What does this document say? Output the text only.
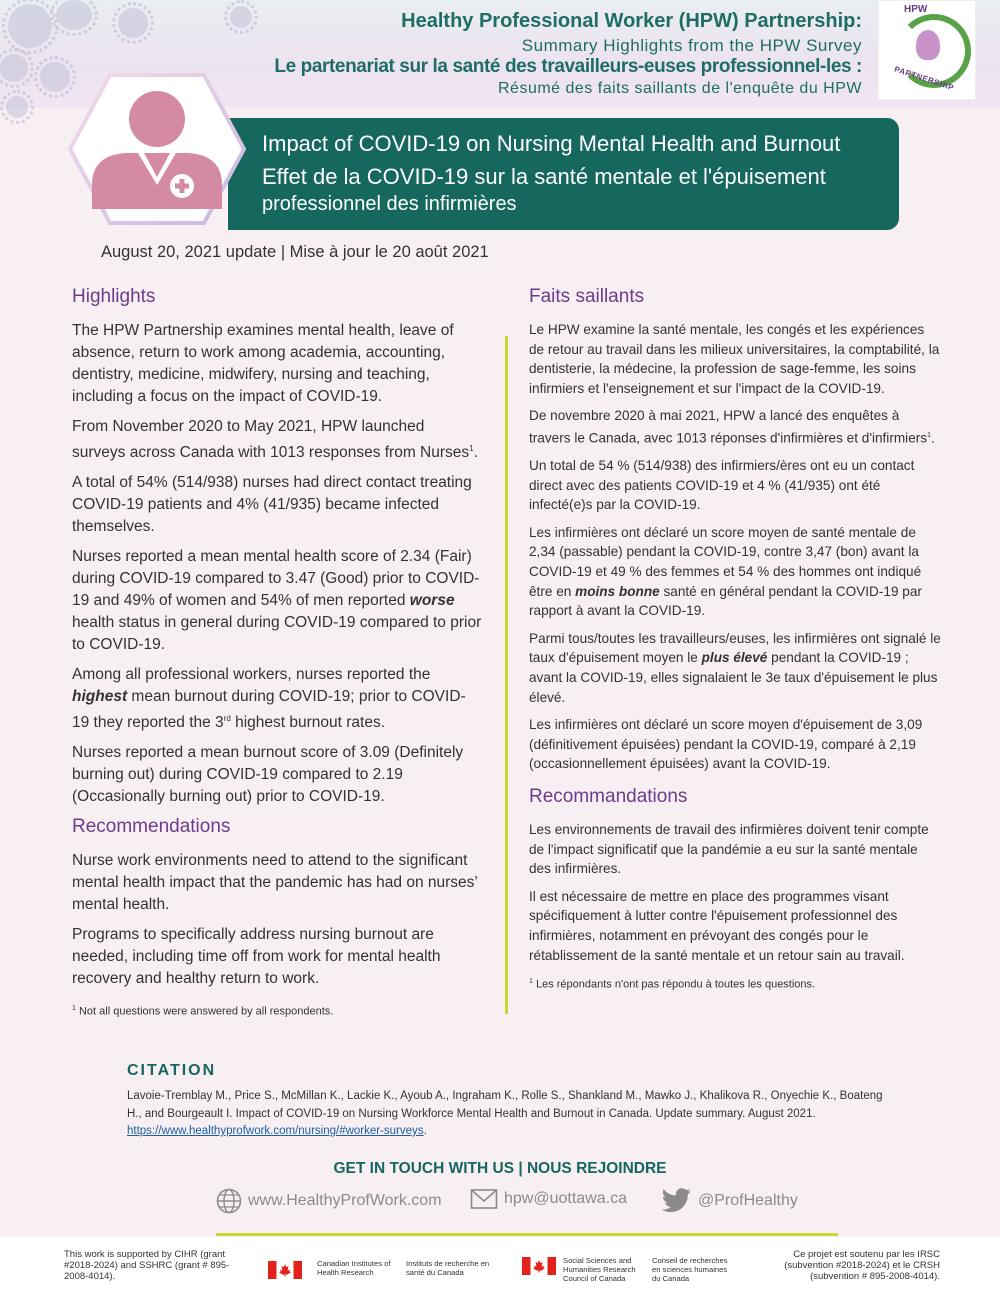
Healthy Professional Worker (HPW) Partnership:
Summary Highlights from the HPW Survey
Le partenariat sur la santé des travailleurs-euses professionnel-les :
Résumé des faits saillants de l'enquête du HPW
HPW
PARTNERSHIP
Impact of COVID-19 on Nursing Mental Health and Burnout
Effet de la COVID-19 sur la santé mentale et l'épuisement
professionnel des infirmières
August 20, 2021 update | Mise à jour le 20 août 2021
Highlights

The HPW Partnership examines mental health, leave of absence, return to work among academia, accounting, dentistry, medicine, midwifery, nursing and teaching, including a focus on the impact of COVID-19.

From November 2020 to May 2021, HPW launched surveys across Canada with 1013 responses from Nurses$^1$.

A total of 54% (514/938) nurses had direct contact treating COVID-19 patients and 4% (41/935) became infected themselves.

Nurses reported a mean mental health score of 2.34 (Fair) during COVID-19 compared to 3.47 (Good) prior to COVID-19 and 49% of women and 54% of men reported worse health status in general during COVID-19 compared to prior to COVID-19.

Among all professional workers, nurses reported the highest mean burnout during COVID-19; prior to COVID-19 they reported the 3rd highest burnout rates.

Nurses reported a mean burnout score of 3.09 (Definitely burning out) during COVID-19 compared to 2.19 (Occasionally burning out) prior to COVID-19.

Recommendations

Nurse work environments need to attend to the significant mental health impact that the pandemic has had on nurses’ mental health.

Programs to specifically address nursing burnout are needed, including time off from work for mental health recovery and healthy return to work.

$^1$ Not all questions were answered by all respondents.

Faits saillants

Le HPW examine la santé mentale, les congés et les expériences de retour au travail dans les milieux universitaires, la comptabilité, la dentisterie, la médecine, la profession de sage-femme, les soins infirmiers et l'enseignement et sur l'impact de la COVID-19.

De novembre 2020 à mai 2021, HPW a lancé des enquêtes à travers le Canada, avec 1013 réponses d'infirmières et d'infirmiers$^1$.

Un total de 54 % (514/938) des infirmiers/ères ont eu un contact direct avec des patients COVID-19 et 4 % (41/935) ont été infecté(e)s par la COVID-19.

Les infirmières ont déclaré un score moyen de santé mentale de 2,34 (passable) pendant la COVID-19, contre 3,47 (bon) avant la COVID-19 et 49 % des femmes et 54 % des hommes ont indiqué être en moins bonne santé en général pendant la COVID-19 par rapport à avant la COVID-19.

Parmi tous/toutes les travailleurs/euses, les infirmières ont signalé le taux d'épuisement moyen le plus élevé pendant la COVID-19 ; avant la COVID-19, elles signalaient le 3e taux d'épuisement le plus élevé.

Les infirmières ont déclaré un score moyen d'épuisement de 3,09 (définitivement épuisées) pendant la COVID-19, comparé à 2,19 (occasionnellement épuisées) avant la COVID-19.

Recommandations

Les environnements de travail des infirmières doivent tenir compte de l'impact significatif que la pandémie a eu sur la santé mentale des infirmières.

Il est nécessaire de mettre en place des programmes visant spécifiquement à lutter contre l'épuisement professionnel des infirmières, notamment en prévoyant des congés pour le rétablissement de la santé mentale et un retour sain au travail.

$^1$ Les répondants n'ont pas répondu à toutes les questions.

CITATION
Lavoie-Tremblay M., Price S., McMillan K., Lackie K., Ayoub A., Ingraham K., Rolle S., Shankland M., Mawko J., Khalikova R., Onyechie K., Boateng H., and Bourgeault I. Impact of COVID-19 on Nursing Workforce Mental Health and Burnout in Canada. Update summary. August 2021. https://www.healthyprofwork.com/nursing/#worker-surveys.
GET IN TOUCH WITH US | NOUS REJOINDRE
www.HealthyProfWork.com	hpw@uottawa.ca	@ProfHealthy
This work is supported by CIHR (grant #2018-2024) and SSHRC (grant # 895-2008-4014).
Canadian Institutes of Health Research
Instituts de recherche en santé du Canada
Social Sciences and Humanities Research Council of Canada
Conseil de recherches en sciences humaines du Canada
Ce projet est soutenu par les IRSC (subvention #2018-2024) et le CRSH (subvention # 895-2008-4014).
